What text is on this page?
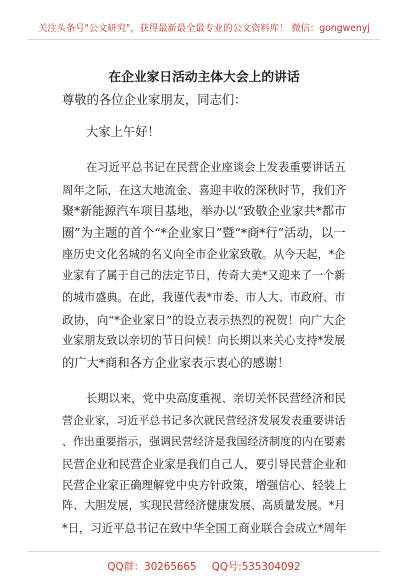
关注头条号"公文研究"，获得最新最全最专业的公文资料库！ 微信：gongwenyj
在企业家日活动主体大会上的讲话
尊敬的各位企业家朋友，同志们：
大家上午好！
在习近平总书记在民营企业座谈会上发表重要讲话五
周年之际，在这大地流金、喜迎丰收的深秋时节，我们齐
聚*新能源汽车项目基地，举办以“致敬企业家共*都市
圈”为主题的首个“*企业家日”暨“*商*行”活动，以一
座历史文化名城的名义向全市企业家致敬。从今天起，*企
业家有了属于自己的法定节日，传奇大美*又迎来了一个新
的城市盛典。在此，我谨代表*市委、市人大、市政府、市
政协，向“*企业家日”的设立表示热烈的祝贺！向广大企
业家朋友致以亲切的节日问候！向长期以来关心支持*发展
的广大*商和各方企业家表示衷心的感谢！
长期以来，党中央高度重视、亲切关怀民营经济和民
营企业家，习近平总书记多次就民营经济发展发表重要讲话
、作出重要指示，强调民营经济是我国经济制度的内在要素
民营企业和民营企业家是我们自己人，要引导民营企业和
民营企业家正确理解党中央方针政策，增强信心、轻装上
阵、大胆发展，实现民营经济健康发展、高质量发展。*月
*日，习近平总书记在致中华全国工商业联合会成立*周年
QQ群：30265665 QQ号:535304092
